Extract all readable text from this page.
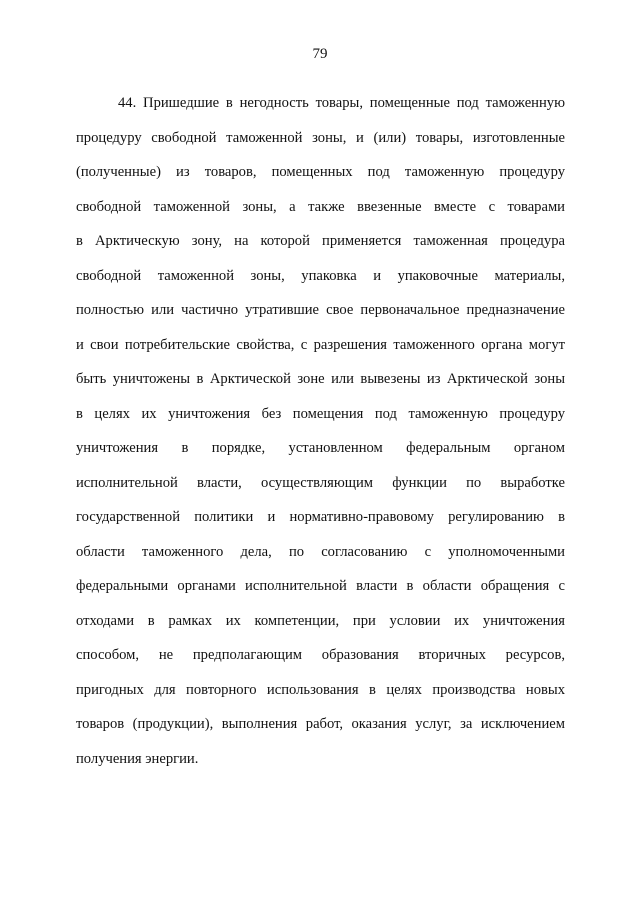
79

44. Пришедшие в негодность товары, помещенные под таможенную
процедуру свободной таможенной зоны, и (или) товары, изготовленные
(полученные) из товаров, помещенных под таможенную процедуру
свободной таможенной зоны, а также ввезенные вместе с товарами
в Арктическую зону, на которой применяется таможенная процедура
свободной таможенной зоны, упаковка и упаковочные материалы,
полностью или частично утратившие свое первоначальное предназначение
и свои потребительские свойства, с разрешения таможенного органа могут
быть уничтожены в Арктической зоне или вывезены из Арктической зоны
в целях их уничтожения без помещения под таможенную процедуру
уничтожения в порядке, установленном федеральным органом
исполнительной власти, осуществляющим функции по выработке
государственной политики и нормативно-правовому регулированию в
области таможенного дела, по согласованию с уполномоченными
федеральными органами исполнительной власти в области обращения с
отходами в рамках их компетенции, при условии их уничтожения
способом, не предполагающим образования вторичных ресурсов,
пригодных для повторного использования в целях производства новых
товаров (продукции), выполнения работ, оказания услуг, за исключением
получения энергии.
